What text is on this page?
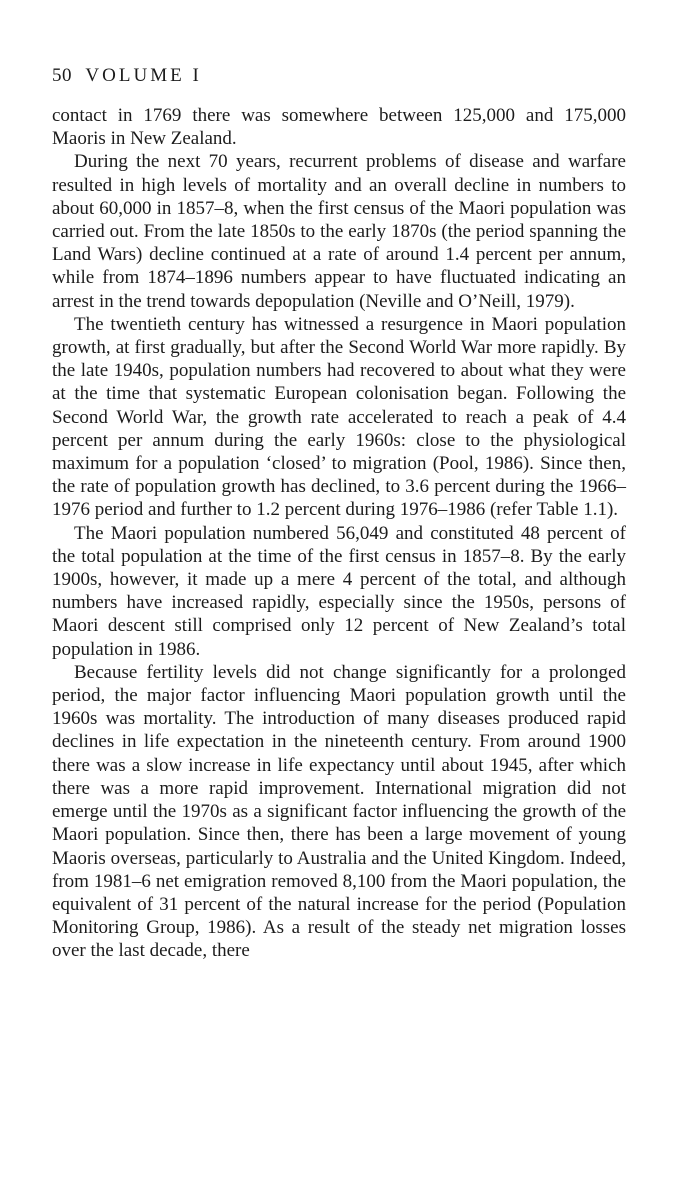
50 VOLUME I

contact in 1769 there was somewhere between 125,000 and 175,000 Maoris in New Zealand.

During the next 70 years, recurrent problems of disease and warfare resulted in high levels of mortality and an overall decline in numbers to about 60,000 in 1857–8, when the first census of the Maori population was carried out. From the late 1850s to the early 1870s (the period spanning the Land Wars) decline continued at a rate of around 1.4 percent per annum, while from 1874–1896 numbers appear to have fluctuated indicating an arrest in the trend towards depopulation (Neville and O’Neill, 1979).

The twentieth century has witnessed a resurgence in Maori population growth, at first gradually, but after the Second World War more rapidly. By the late 1940s, population numbers had recovered to about what they were at the time that systematic European colonisation began. Following the Second World War, the growth rate accelerated to reach a peak of 4.4 percent per annum during the early 1960s: close to the physiological maximum for a population ‘closed’ to migration (Pool, 1986). Since then, the rate of population growth has declined, to 3.6 percent during the 1966–1976 period and further to 1.2 percent during 1976–1986 (refer Table 1.1).

The Maori population numbered 56,049 and constituted 48 percent of the total population at the time of the first census in 1857–8. By the early 1900s, however, it made up a mere 4 percent of the total, and although numbers have increased rapidly, especially since the 1950s, persons of Maori descent still comprised only 12 percent of New Zealand’s total population in 1986.

Because fertility levels did not change significantly for a prolonged period, the major factor influencing Maori population growth until the 1960s was mortality. The introduction of many diseases produced rapid declines in life expectation in the nineteenth century. From around 1900 there was a slow increase in life expectancy until about 1945, after which there was a more rapid improvement. International migration did not emerge until the 1970s as a significant factor influencing the growth of the Maori population. Since then, there has been a large movement of young Maoris overseas, particularly to Australia and the United Kingdom. Indeed, from 1981–6 net emigration removed 8,100 from the Maori population, the equivalent of 31 percent of the natural increase for the period (Population Monitoring Group, 1986). As a result of the steady net migration losses over the last decade, there
